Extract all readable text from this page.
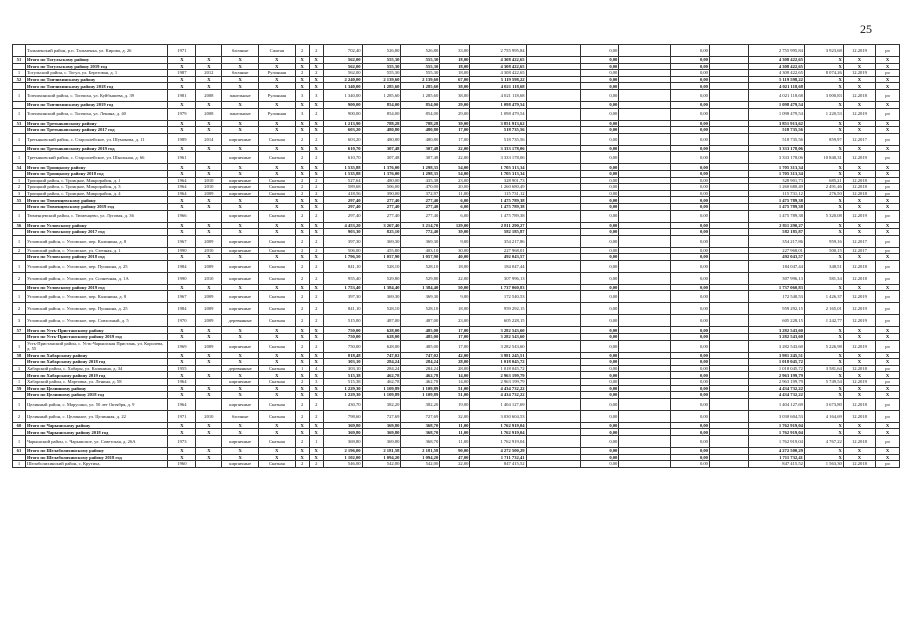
25
	Тальменский район, р.п. Тальменка, ул. Кирова, д. 26	1971		блочные	Сжатая	2	2	702,40	526,80	526,80	33,00	2 755 995,84		0,00		0,00		2 755 995,84	3 923,68	12.2019	ро
51	Итого по Тогульскому району	X	X	X	X	X	X	562,00	555,30	555,30	18,00	4 308 422,65		0,00		0,00		4 308 422,65	X	X	X
	Итого по Тогульскому району 2019 год	X	X	X	X	X	X	562,00	555,30	555,30	18,00	4 308 422,65		0,00		0,00		4 308 422,65	X	X	X
1	Тогульский район, с. Тогул, ул. Береговая, д. 1	1987	2012	блочные	Рулонная	2	2	562,00	555,30	555,30	18,00	4 308 422,65		0,00		0,00		4 308 422,65	8 074,26	12.2019	ро
52	Итого по Топчихинскому району	X	X	X	X	X	X	2 240,00	2 139,60	2 139,60	67,00	5 119 598,22		0,00		0,00		5 119 598,22	X	X	X
	Итого по Топчихинскому району 2018 год	X	X	X	X	X	X	1 340,00	1 285,60	1 285,60	38,00	4 021 118,68		0,00		0,00		4 021 118,68	X	X	X
1	Топчихинский район, с. Топчиха, ул. Куйбышева, д. 39	1981	2008	панельные	Рулонная	3	3	1 340,00	1 285,60	1 285,60	38,00	4 021 118,68		0,00		0,00		4 021 118,68	3 000,83	12.2018	ро
	Итого по Топчихинскому району 2019 год	X	X	X	X	X	X	900,00	854,00	854,00	29,00	1 098 479,54		0,00		0,00		1 098 479,54	X	X	X
1	Топчихинский район, с. Топчиха, ул. Ленина, д. 40	1979	2008	панельные	Рулонная	3	2	900,00	854,00	854,00	29,00	1 098 479,54		0,00		0,00		1 098 479,54	1 220,53	12.2019	ро
53	Итого по Третьяковскому району	X	X	X	X	X	X	1 213,90	788,28	788,28	39,00	3 851 913,62		0,00		0,00		3 851 913,62	X	X	X
	Итого по Третьяковскому району 2017 год	X	X	X	X	X	X	603,20	480,80	480,80	17,00	518 735,56		0,00		0,00		518 735,56	X	X	X
1	Третьяковский район, с. Староалейское, ул. Шумакова, д. 11	1989	2014	кирпичные	Скатная	2	2	603,20	480,80	480,80	17,00	518 735,56		0,00		0,00		518 735,56	859,97	12.2017	ро
	Итого по Третьяковскому району 2019 год	X	X	X	X	X	X	610,70	307,48	307,48	22,00	3 333 178,06		0,00		0,00		3 333 178,06	X	X	X
1	Третьяковский район, с. Староалейское, ул. Школьная, д. 66	1961		кирпичные	Скатная	2	2	610,70	307,48	307,48	22,00	3 333 178,06		0,00		0,00		3 333 178,06	10 840,31	12.2019	ро
54	Итого по Троицкому району	X	X	X	X	X	X	1 535,88	1 376,00	1 298,35	54,00	1 705 313,34		0,00		0,00		1 705 313,34	X	X	X
	Итого по Троицкому району 2018 год	X	X	X	X	X	X	1 535,88	1 376,00	1 298,35	54,00	1 705 313,34		0,00		0,00		1 705 313,34	X	X	X
1	Троицкий район, с. Троицкое, Микрорайон, д. 1	1964	2010	кирпичные	Скатная	2	2	527,64	480,00	435,38	23,00	328 901,73		0,00		0,00		328 901,73	685,21	12.2018	ро
2	Троицкий район, с. Троицкое, Микрорайон, д. 3	1964	2010	кирпичные	Скатная	2	2	589,68	506,00	470,00	20,00	1 260 680,49		0,00		0,00		1 260 680,49	2 491,46	12.2018	ро
3	Троицкий район, с. Троицкое, Микрорайон, д. 4	1964	2009	кирпичные	Скатная	2	2	418,56	390,00	372,97	11,00	115 731,12		0,00		0,00		115 731,12	276,50	12.2018	ро
55	Итого по Тюменцевскому району	X	X	X	X	X	X	297,40	277,40	277,40	6,00	1 475 789,38		0,00		0,00		1 475 789,38	X	X	X
	Итого по Тюменцевскому району 2019 год	X	X	X	X	X	X	297,40	277,40	277,40	6,00	1 475 789,38		0,00		0,00		1 475 789,38	X	X	X
1	Тюменцевский район, с. Тюменцево, ул. Луговая, д. 36	1966		кирпичные	Скатная	2	2	297,40	277,40	277,40	6,00	1 475 789,38		0,00		0,00		1 475 789,38	5 320,08	12.2019	ро
56	Итого по Угловскому району	X	X	X	X	X	X	4 453,20	3 267,40	3 214,70	129,00	2 811 290,27		0,00		0,00		2 811 290,27	X	X	X
	Итого по Угловскому району 2017 год	X	X	X	X	X	X	903,30	825,10	772,40	39,00	582 185,87		0,00		0,00		582 185,87	X	X	X
1	Угловский район, с. Угловское, пер. Калинина, д. 8	1967	2009	кирпичные	Скатная	2	2	397,30	369,30	369,30	9,00	354 217,86		0,00		0,00		354 217,86	959,16	12.2017	ро
2	Угловский район, с. Угловское, ул. Степная, д. 1	1990	2010	кирпичные	Скатная	2	2	506,00	455,80	403,10	30,00	227 968,01		0,00		0,00		227 968,01	500,15	12.2017	ро
	Итого по Угловскому району 2018 год	X	X	X	X	X	X	1 796,50	1 057,90	1 057,90	40,00	492 043,57		0,00		0,00		492 043,57	X	X	X
1	Угловский район, с. Угловское, пер. Пушкина, д. 25	1984	2009	кирпичные	Скатная	2	2	841,10	528,10	528,10	18,00	184 047,44		0,00		0,00		184 047,44	348,51	12.2018	ро
2	Угловский район, с. Угловское, ул. Солнечная, д. 1А	1990	2010	кирпичные	Скатная	2	2	955,40	529,80	529,80	22,00	307 996,13		0,00		0,00		307 996,13	581,34	12.2018	ро
	Итого по Угловскому району 2019 год	X	X	X	X	X	X	1 753,40	1 384,40	1 384,40	50,00	1 737 060,83		0,00		0,00		1 737 060,83	X	X	X
1	Угловский район, с. Угловское, пер. Калинина, д. 8	1967	2009	кирпичные	Скатная	2	2	397,30	369,30	369,30	9,00	172 540,53		0,00		0,00		172 540,53	1 426,37	12.2019	ро
2	Угловский район, с. Угловское, пер. Пушкина, д. 25	1984	2009	кирпичные	Скатная	2	2	841,10	528,10	528,10	18,00	959 292,15		0,00		0,00		959 292,15	2 165,01	12.2019	ро
3	Угловский район, с. Угловское, пер. Совхозный, д. 5	1970	2009	деревянные	Скатная	2	2	515,00	487,00	487,00	23,00	605 228,15		0,00		0,00		605 228,15	1 242,77	12.2019	ро
57	Итого по Усть-Пристанскому району	X	X	X	X	X	X	750,00	628,00	485,00	17,00	3 282 543,60		0,00		0,00		3 282 543,60	X	X	X
	Итого по Усть-Пристанскому району 2019 год	X	X	X	X	X	X	750,00	628,00	485,00	17,00	3 282 543,60		0,00		0,00		3 282 543,60	X	X	X
1	Усть-Пристанский район, с. Усть-Чарышская Пристань, ул. Королева, д. 55	1969	2009	кирпичные	Скатная	2	2	750,00	628,00	485,00	17,00	3 282 543,60		0,00		0,00		3 282 543,60	5 226,98	12.2019	ро
58	Итого по Хабарскому району	X	X	X	X	X	X	818,48	747,02	747,02	42,00	3 981 245,51		0,00		0,00		3 981 245,51	X	X	X
	Итого по Хабарскому району 2018 год	X	X	X	X	X	X	303,10	284,24	284,24	28,00	1 018 045,72		0,00		0,00		1 018 045,72	X	X	X
1	Хабарский район, с. Хабары, ул. Калинина, д. 34	1955		деревянные	Скатная	1	4	303,10	284,24	284,24	28,00	1 018 045,72		0,00		0,00		1 018 045,72	3 581,64	12.2018	ро
	Итого по Хабарскому району 2019 год	X	X	X	X	X	X	515,38	462,78	462,78	14,00	2 963 199,79		0,00		0,00		2 963 199,79	X	X	X
1	Хабарский район, с. Мартовка, ул. Ленина, д. 58	1964		кирпичные	Скатная	2	3	515,38	462,78	462,78	14,00	2 963 199,79		0,00		0,00		2 963 199,79	5 749,54	12.2019	ро
59	Итого по Целинному району	X	X	X	X	X	X	1 229,30	1 109,89	1 109,89	51,00	4 434 732,22		0,00		0,00		4 434 732,22	X	X	X
	Итого по Целинному району 2018 год	X	X	X	X	X	X	1 229,30	1 109,89	1 109,89	51,00	4 434 732,22		0,00		0,00		4 434 732,22	X	X	X
1	Целинный район, с. Марусино, ул. 50 лет Октября, д. 9	1964		кирпичные	Скатная	2	2	430,70	382,20	382,20	19,00	1 404 127,69		0,00		0,00		1 404 127,69	3 673,80	12.2018	ро
2	Целинный район, с. Целинное, ул. Целинная, д. 22	1971	2010	блочные	Скатная	2	2	798,60	727,69	727,69	32,00	3 030 604,53		0,00		0,00		3 030 604,53	4 164,69	12.2018	ро
60	Итого по Чарышскому району	X	X	X	X	X	X	369,80	369,80	368,70	11,00	1 762 919,04		0,00		0,00		1 762 919,04	X	X	X
	Итого по Чарышскому району 2018 год	X	X	X	X	X	X	369,80	369,80	368,70	11,00	1 762 919,04		0,00		0,00		1 762 919,04	X	X	X
1	Чарышский район, с. Чарышское, ул. Советская, д. 26А	1973		кирпичные	Скатная	2	1	369,80	369,80	368,70	11,00	1 762 919,04		0,00		0,00		1 762 919,04	4 767,22	12.2018	ро
61	Итого по Шелаболихинскому району	X	X	X	X	X	X	2 196,00	2 181,58	2 181,58	90,00	4 272 500,29		0,00		0,00		4 272 500,29	X	X	X
	Итого по Шелаболихинскому району 2018 год	X	X	X	X	X	X	1 102,00	1 094,20	1 094,20	47,00	1 711 732,41		0,00		0,00		1 711 732,41	X	X	X
1	Шелаболихинский район, с. Крутиха,	1960		кирпичные	Скатная	2	2	546,00	542,00	542,00	22,00	847 415,52		0,00		0,00		847 415,52	1 563,30	12.2018	ро
